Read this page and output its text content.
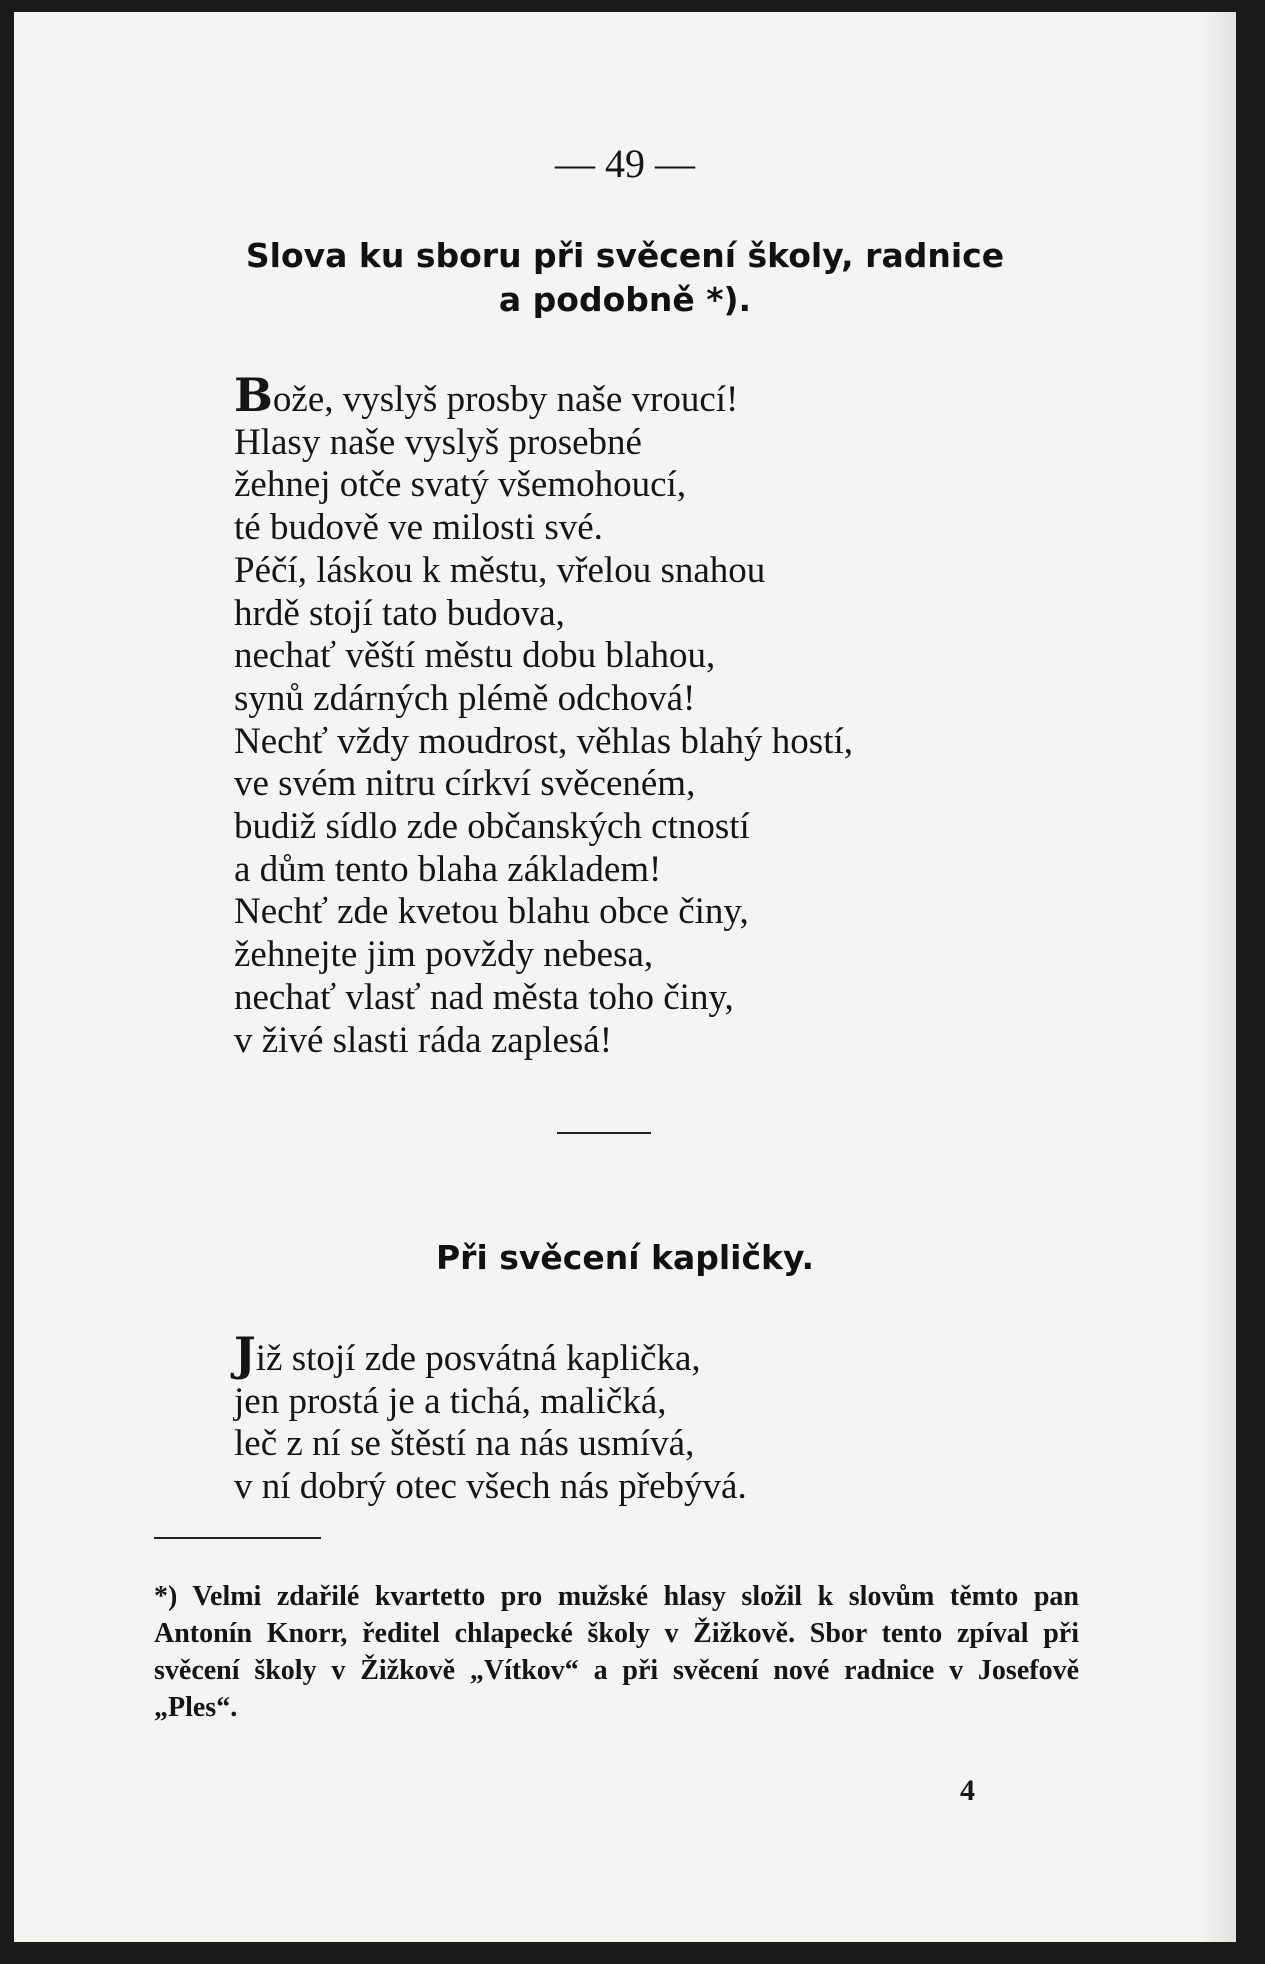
— 49 —
Slova ku sboru při svěcení školy, radnice
a podobně *).
Bože, vyslyš prosby naše vroucí!
Hlasy naše vyslyš prosebné
žehnej otče svatý všemohoucí,
té budově ve milosti své.
Péčí, láskou k městu, vřelou snahou
hrdě stojí tato budova,
nechať věští městu dobu blahou,
synů zdárných plémě odchová!
Nechť vždy moudrost, věhlas blahý hostí,
ve svém nitru církví svěceném,
budiž sídlo zde občanských ctností
a dům tento blaha základem!
Nechť zde kvetou blahu obce činy,
žehnejte jim povždy nebesa,
nechať vlasť nad města toho činy,
v živé slasti ráda zaplesá!
Při svěcení kapličky.
Již stojí zde posvátná kaplička,
jen prostá je a tichá, maličká,
leč z ní se štěstí na nás usmívá,
v ní dobrý otec všech nás přebývá.
*) Velmi zdařilé kvartetto pro mužské hlasy složil k slovům těmto pan Antonín Knorr, ředitel chlapecké školy v Žižkově. Sbor tento zpíval při svěcení školy v Žižkově „Vítkov“ a při svěcení nové radnice v Josefově „Ples“.
4
